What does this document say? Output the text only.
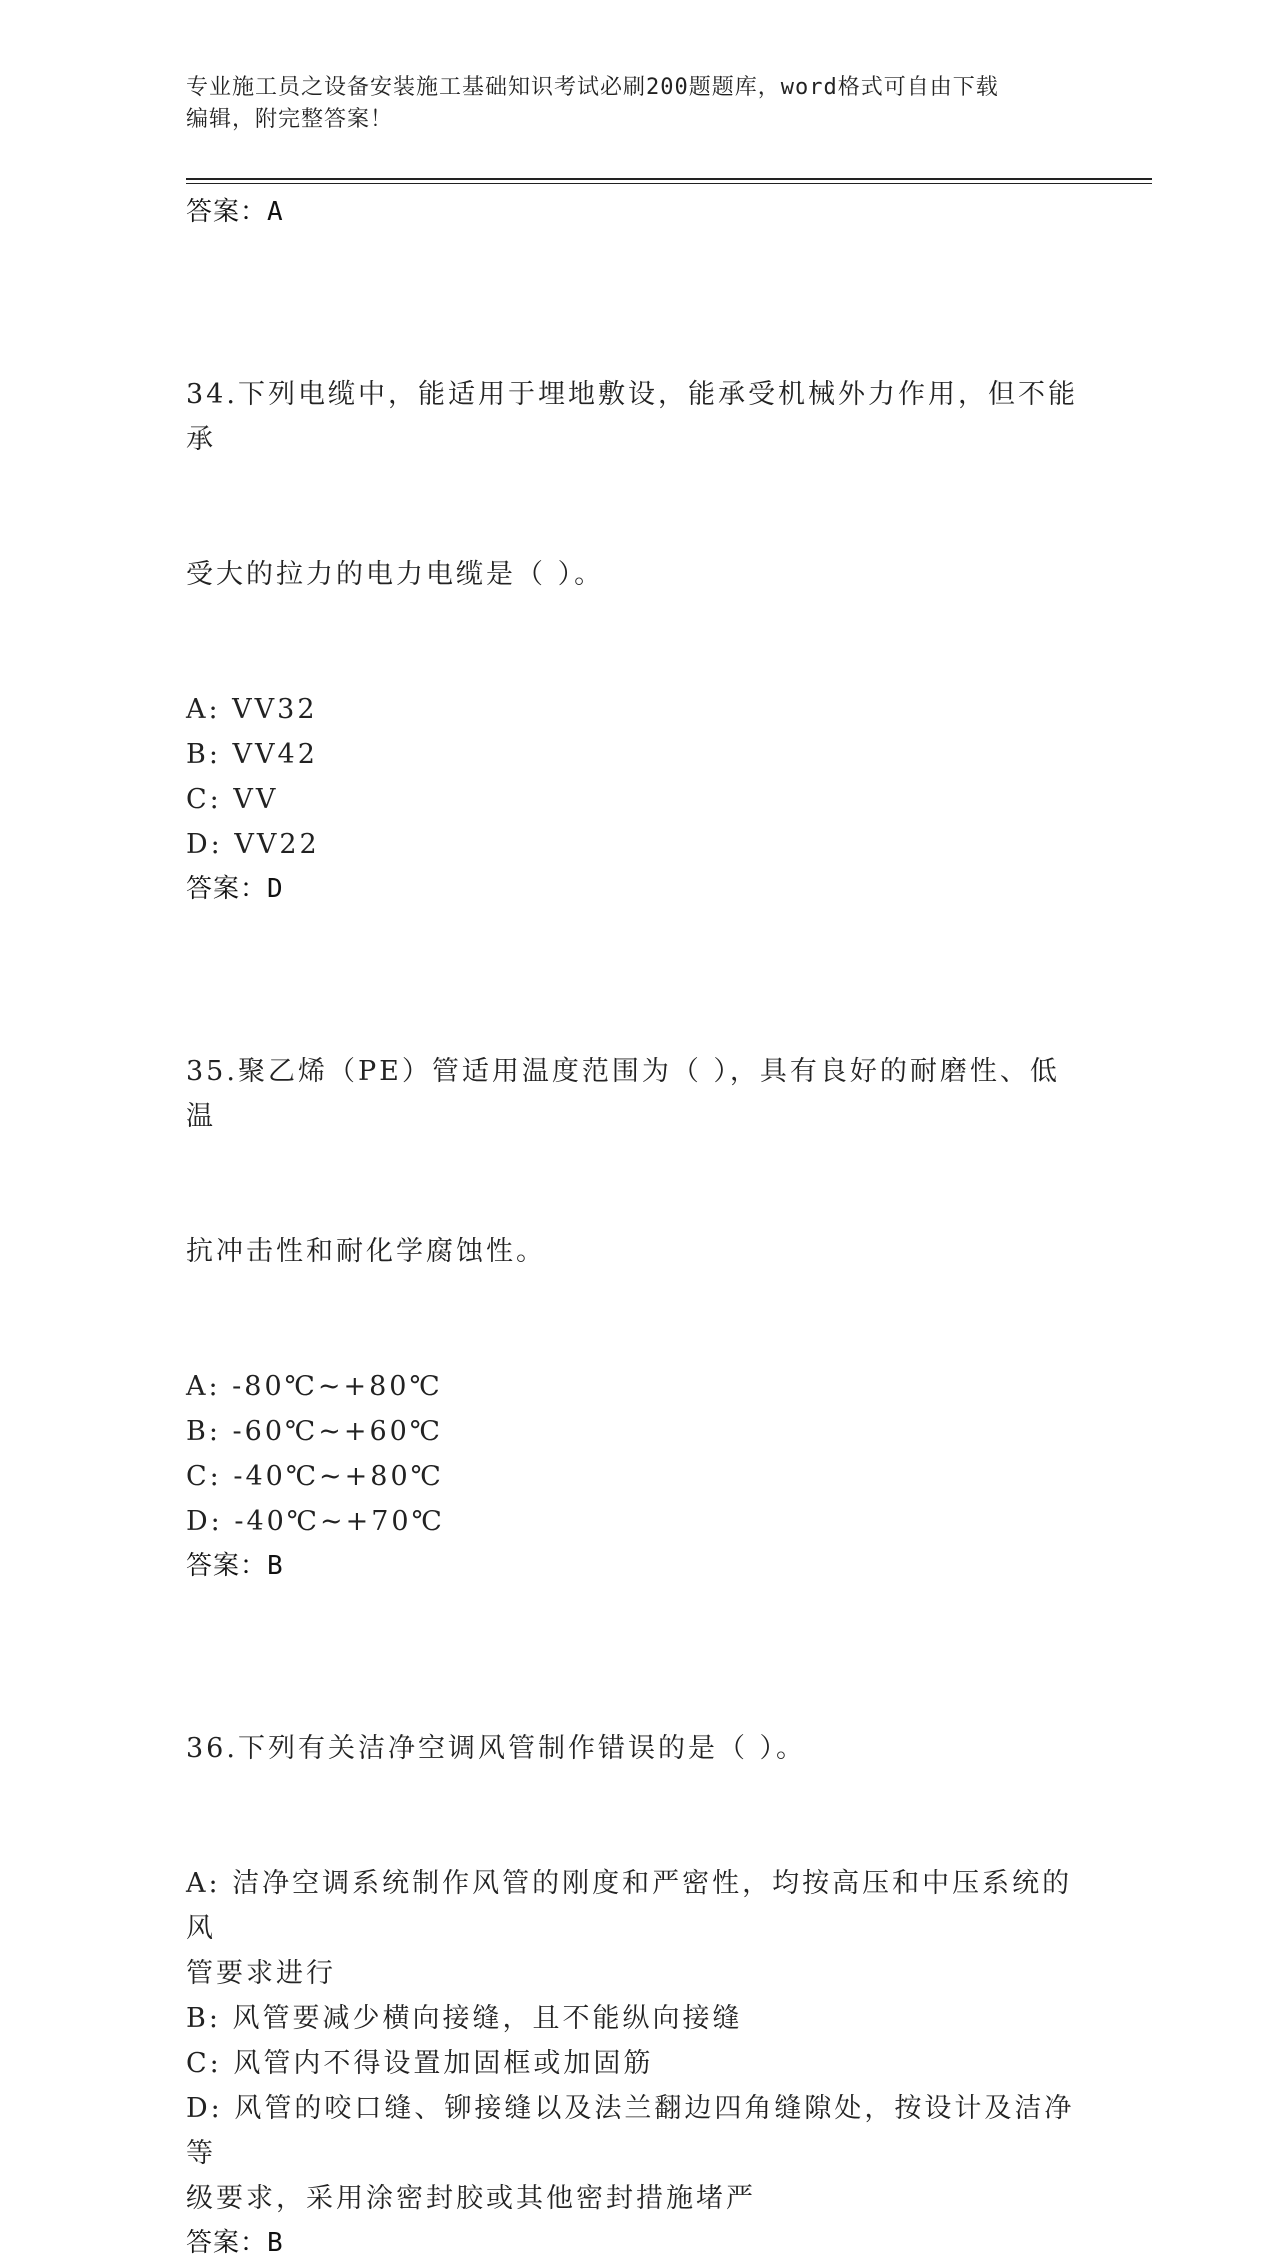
专业施工员之设备安装施工基础知识考试必刷200题题库，word格式可自由下载
编辑，附完整答案！
答案：A

34.下列电缆中，能适用于埋地敷设，能承受机械外力作用，但不能承

受大的拉力的电力电缆是（ ）。

A: VV32
B: VV42
C: VV
D: VV22
答案：D

35.聚乙烯（PE）管适用温度范围为（ ），具有良好的耐磨性、低温

抗冲击性和耐化学腐蚀性。

A: -80℃~+80℃
B: -60℃~+60℃
C: -40℃~+80℃
D: -40℃~+70℃
答案：B

36.下列有关洁净空调风管制作错误的是（ ）。

A: 洁净空调系统制作风管的刚度和严密性，均按高压和中压系统的风
管要求进行
B: 风管要减少横向接缝，且不能纵向接缝
C: 风管内不得设置加固框或加固筋
D: 风管的咬口缝、铆接缝以及法兰翻边四角缝隙处，按设计及洁净等
级要求，采用涂密封胶或其他密封措施堵严
答案：B
